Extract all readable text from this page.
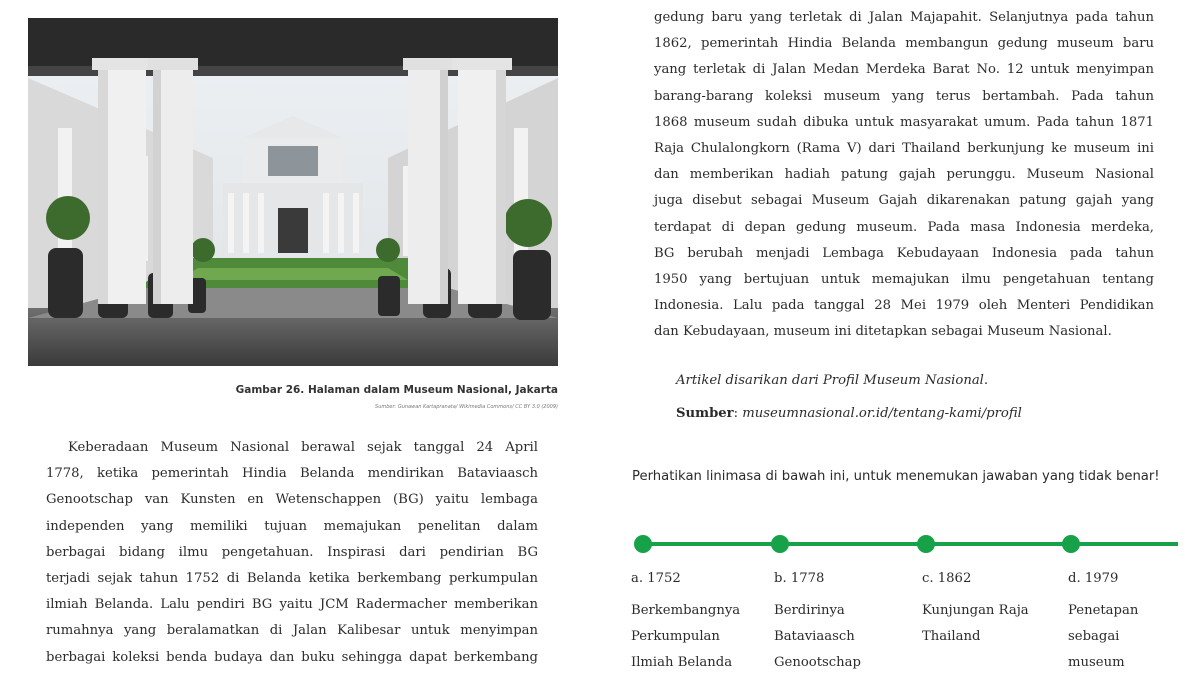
Gambar 26. Halaman dalam Museum Nasional, Jakarta
Sumber: Gunawan Kartapranata/ Wikimedia Commons/ CC BY 3.0 (2009)
Keberadaan Museum Nasional berawal sejak tanggal 24 April
1778, ketika pemerintah Hindia Belanda mendirikan Bataviaasch
Genootschap van Kunsten en Wetenschappen (BG) yaitu lembaga
independen yang memiliki tujuan memajukan penelitan dalam
berbagai bidang ilmu pengetahuan. Inspirasi dari pendirian BG
terjadi sejak tahun 1752 di Belanda ketika berkembang perkumpulan
ilmiah Belanda. Lalu pendiri BG yaitu JCM Radermacher memberikan
rumahnya yang beralamatkan di Jalan Kalibesar untuk menyimpan
berbagai koleksi benda budaya dan buku sehingga dapat berkembang
gedung baru yang terletak di Jalan Majapahit. Selanjutnya pada tahun
1862, pemerintah Hindia Belanda membangun gedung museum baru
yang terletak di Jalan Medan Merdeka Barat No. 12 untuk menyimpan
barang-barang koleksi museum yang terus bertambah. Pada tahun
1868 museum sudah dibuka untuk masyarakat umum. Pada tahun 1871
Raja Chulalongkorn (Rama V) dari Thailand berkunjung ke museum ini
dan memberikan hadiah patung gajah perunggu. Museum Nasional
juga disebut sebagai Museum Gajah dikarenakan patung gajah yang
terdapat di depan gedung museum. Pada masa Indonesia merdeka,
BG berubah menjadi Lembaga Kebudayaan Indonesia pada tahun
1950 yang bertujuan untuk memajukan ilmu pengetahuan tentang
Indonesia. Lalu pada tanggal 28 Mei 1979 oleh Menteri Pendidikan
dan Kebudayaan, museum ini ditetapkan sebagai Museum Nasional.
Artikel disarikan dari Profil Museum Nasional.
Sumber: museumnasional.or.id/tentang-kami/profil
Perhatikan linimasa di bawah ini, untuk menemukan jawaban yang tidak benar!
a. 1752
Berkembangnya
Perkumpulan
Ilmiah Belanda
b. 1778
Berdirinya
Bataviaasch
Genootschap
c. 1862
Kunjungan Raja
Thailand
d. 1979
Penetapan
sebagai
museum
